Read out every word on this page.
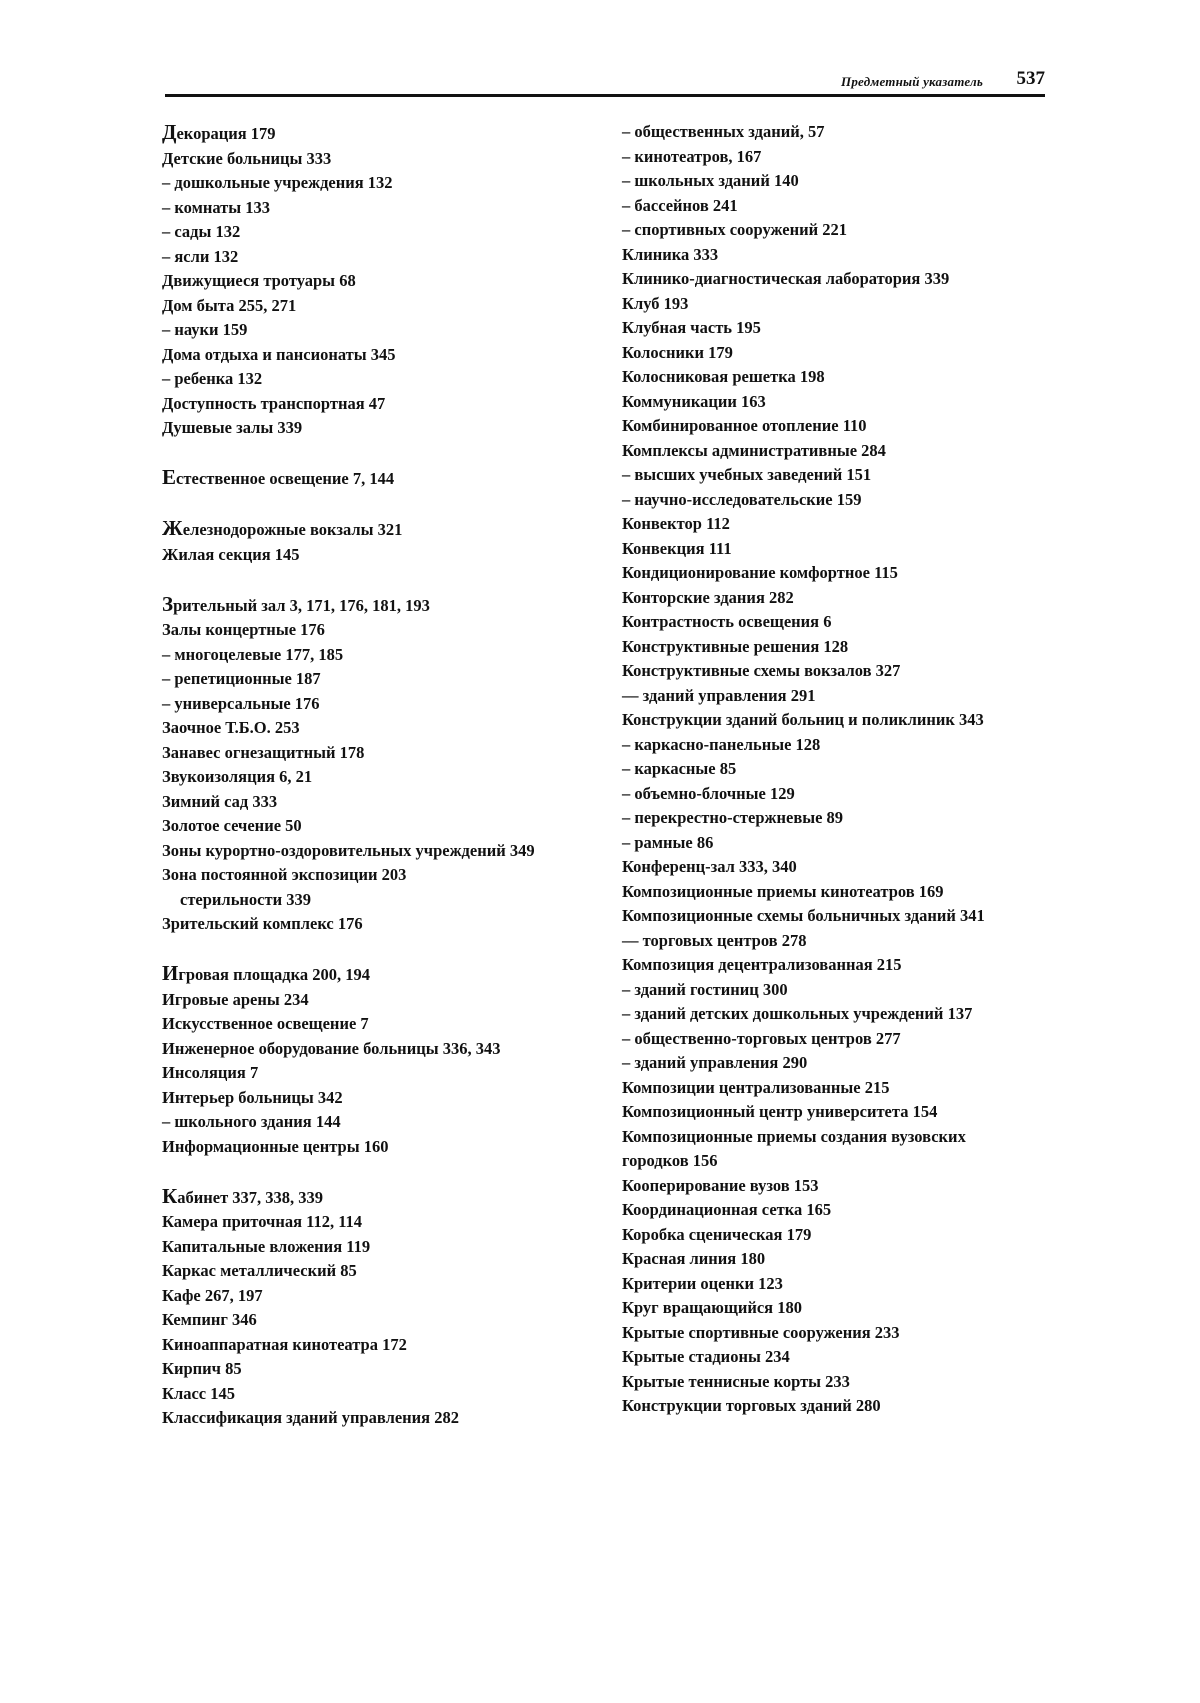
Предметный указатель 537
Декорация 179
Детские больницы 333
– дошкольные учреждения 132
– комнаты 133
– сады 132
– ясли 132
Движущиеся тротуары 68
Дом быта 255, 271
– науки 159
Дома отдыха и пансионаты 345
– ребенка 132
Доступность транспортная 47
Душевые залы 339
Естественное освещение 7, 144
Железнодорожные вокзалы 321
Жилая секция 145
Зрительный зал 3, 171, 176, 181, 193
Залы концертные 176
– многоцелевые 177, 185
– репетиционные 187
– универсальные 176
Заочное Т.Б.О. 253
Занавес огнезащитный 178
Звукоизоляция 6, 21
Зимний сад 333
Золотое сечение 50
Зоны курортно-оздоровительных учреждений 349
Зона постоянной экспозиции 203
стерильности 339
Зрительский комплекс 176
Игровая площадка 200, 194
Игровые арены 234
Искусственное освещение 7
Инженерное оборудование больницы 336, 343
Инсоляция 7
Интерьер больницы 342
– школьного здания 144
Информационные центры 160
Кабинет 337, 338, 339
Камера приточная 112, 114
Капитальные вложения 119
Каркас металлический 85
Кафе 267, 197
Кемпинг 346
Киноаппаратная кинотеатра 172
Кирпич 85
Класс 145
Классификация зданий управления 282
– общественных зданий, 57
– кинотеатров, 167
– школьных зданий 140
– бассейнов 241
– спортивных сооружений 221
Клиника 333
Клинико-диагностическая лаборатория 339
Клуб 193
Клубная часть 195
Колосники 179
Колосниковая решетка 198
Коммуникации 163
Комбинированное отопление 110
Комплексы административные 284
– высших учебных заведений 151
– научно-исследовательские 159
Конвектор 112
Конвекция 111
Кондиционирование комфортное 115
Конторские здания 282
Контрастность освещения 6
Конструктивные решения 128
Конструктивные схемы вокзалов 327
–– зданий управления 291
Конструкции зданий больниц и поликлиник 343
– каркасно-панельные 128
– каркасные 85
– объемно-блочные 129
– перекрестно-стержневые 89
– рамные 86
Конференц-зал 333, 340
Композиционные приемы кинотеатров 169
Композиционные схемы больничных зданий 341
–– торговых центров 278
Композиция децентрализованная 215
– зданий гостиниц 300
– зданий детских дошкольных учреждений 137
– общественно-торговых центров 277
– зданий управления 290
Композиции централизованные 215
Композиционный центр университета 154
Композиционные приемы создания вузовских
городков 156
Кооперирование вузов 153
Координационная сетка 165
Коробка сценическая 179
Красная линия 180
Критерии оценки 123
Круг вращающийся 180
Крытые спортивные сооружения 233
Крытые стадионы 234
Крытые теннисные корты 233
Конструкции торговых зданий 280
